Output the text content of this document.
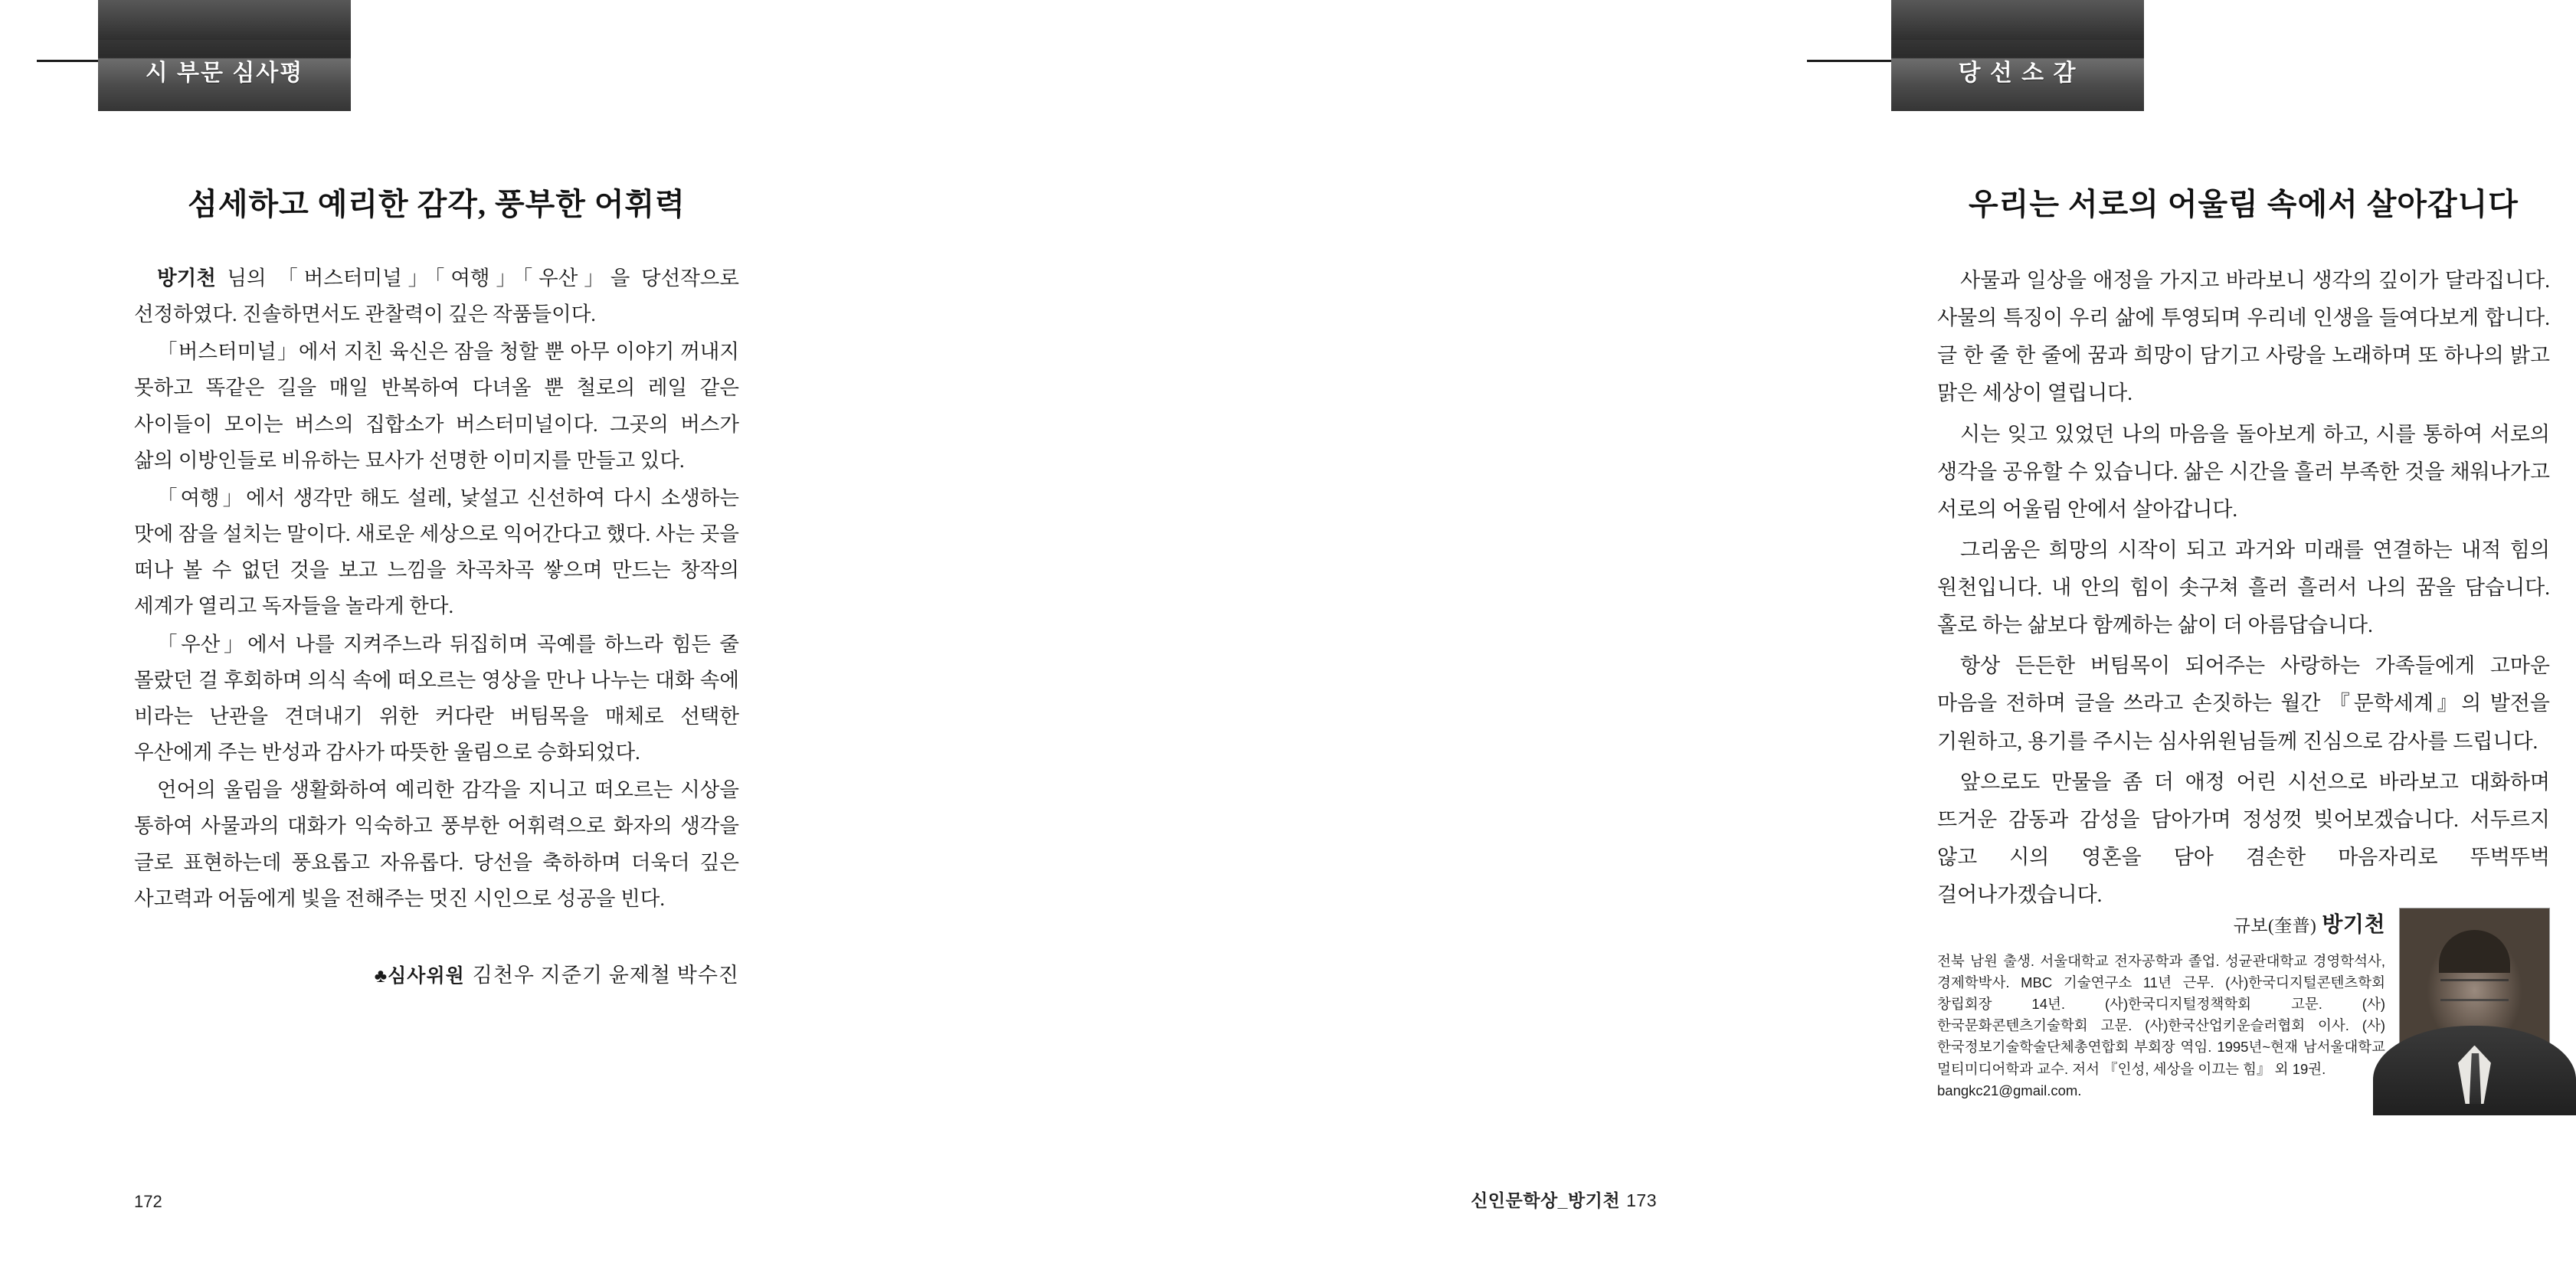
시 부문 심사평
섬세하고 예리한 감각, 풍부한 어휘력

방기천 님의 「버스터미널」「여행」「우산」을 당선작으로 선정하였다. 진솔하면서도 관찰력이 깊은 작품들이다.

「버스터미널」에서 지친 육신은 잠을 청할 뿐 아무 이야기 꺼내지 못하고 똑같은 길을 매일 반복하여 다녀올 뿐 철로의 레일 같은 사이들이 모이는 버스의 집합소가 버스터미널이다. 그곳의 버스가 삶의 이방인들로 비유하는 묘사가 선명한 이미지를 만들고 있다.

「여행」에서 생각만 해도 설레, 낯설고 신선하여 다시 소생하는 맛에 잠을 설치는 말이다. 새로운 세상으로 익어간다고 했다. 사는 곳을 떠나 볼 수 없던 것을 보고 느낌을 차곡차곡 쌓으며 만드는 창작의 세계가 열리고 독자들을 놀라게 한다.

「우산」에서 나를 지켜주느라 뒤집히며 곡예를 하느라 힘든 줄 몰랐던 걸 후회하며 의식 속에 떠오르는 영상을 만나 나누는 대화 속에 비라는 난관을 견뎌내기 위한 커다란 버팀목을 매체로 선택한 우산에게 주는 반성과 감사가 따뜻한 울림으로 승화되었다.

언어의 울림을 생활화하여 예리한 감각을 지니고 떠오르는 시상을 통하여 사물과의 대화가 익숙하고 풍부한 어휘력으로 화자의 생각을 글로 표현하는데 풍요롭고 자유롭다. 당선을 축하하며 더욱더 깊은 사고력과 어둠에게 빛을 전해주는 멋진 시인으로 성공을 빈다.

♣심사위원 김천우 지준기 윤제철 박수진
172
당 선 소 감
우리는 서로의 어울림 속에서 살아갑니다

사물과 일상을 애정을 가지고 바라보니 생각의 깊이가 달라집니다. 사물의 특징이 우리 삶에 투영되며 우리네 인생을 들여다보게 합니다. 글 한 줄 한 줄에 꿈과 희망이 담기고 사랑을 노래하며 또 하나의 밝고 맑은 세상이 열립니다.

시는 잊고 있었던 나의 마음을 돌아보게 하고, 시를 통하여 서로의 생각을 공유할 수 있습니다. 삶은 시간을 흘러 부족한 것을 채워나가고 서로의 어울림 안에서 살아갑니다.

그리움은 희망의 시작이 되고 과거와 미래를 연결하는 내적 힘의 원천입니다. 내 안의 힘이 솟구쳐 흘러 흘러서 나의 꿈을 담습니다. 홀로 하는 삶보다 함께하는 삶이 더 아름답습니다.

항상 든든한 버팀목이 되어주는 사랑하는 가족들에게 고마운 마음을 전하며 글을 쓰라고 손짓하는 월간 『문학세계』의 발전을 기원하고, 용기를 주시는 심사위원님들께 진심으로 감사를 드립니다.

앞으로도 만물을 좀 더 애정 어린 시선으로 바라보고 대화하며 뜨거운 감동과 감성을 담아가며 정성껏 빚어보겠습니다. 서두르지 않고 시의 영혼을 담아 겸손한 마음자리로 뚜벅뚜벅 걸어나가겠습니다.

규보(奎普) 방기천
전북 남원 출생. 서울대학교 전자공학과 졸업. 성균관대학교 경영학석사, 경제학박사. MBC 기술연구소 11년 근무. (사)한국디지털콘텐츠학회 창립회장 14년. (사)한국디지털정책학회 고문. (사)한국문화콘텐츠기술학회 고문. (사)한국산업키운슬러협회 이사. (사)한국정보기술학술단체총연합회 부회장 역임. 1995년~현재 남서울대학교 멀티미디어학과 교수. 저서 『인성, 세상을 이끄는 힘』 외 19권.
bangkc21@gmail.com.
신인문학상_방기천 173
